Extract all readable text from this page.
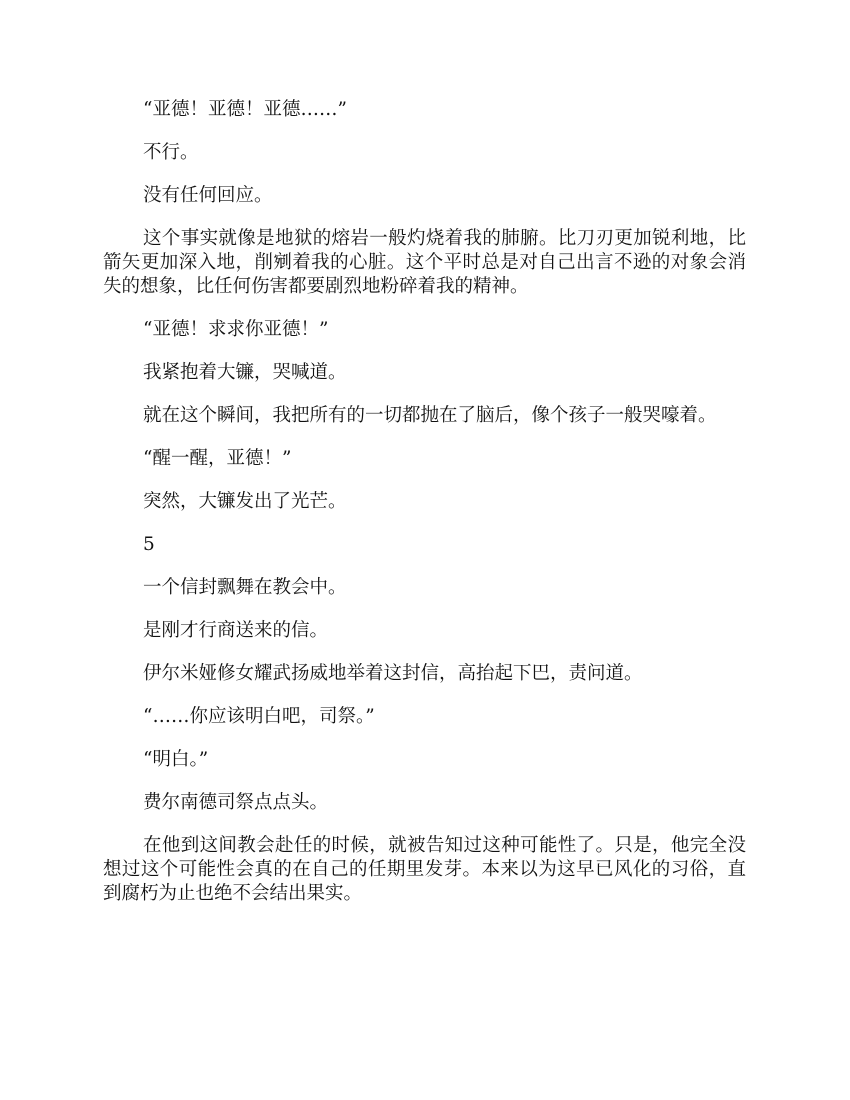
“亚德！亚德！亚德……”

不行。

没有任何回应。

这个事实就像是地狱的熔岩一般灼烧着我的肺腑。比刀刃更加锐利地，比箭矢更加深入地，削剜着我的心脏。这个平时总是对自己出言不逊的对象会消失的想象，比任何伤害都要剧烈地粉碎着我的精神。

“亚德！求求你亚德！”

我紧抱着大镰，哭喊道。

就在这个瞬间，我把所有的一切都抛在了脑后，像个孩子一般哭嚎着。

“醒一醒，亚德！”

突然，大镰发出了光芒。

5

一个信封飘舞在教会中。

是刚才行商送来的信。

伊尔米娅修女耀武扬威地举着这封信，高抬起下巴，责问道。

“……你应该明白吧，司祭。”

“明白。”

费尔南德司祭点点头。

在他到这间教会赴任的时候，就被告知过这种可能性了。只是，他完全没想过这个可能性会真的在自己的任期里发芽。本来以为这早已风化的习俗，直到腐朽为止也绝不会结出果实。
